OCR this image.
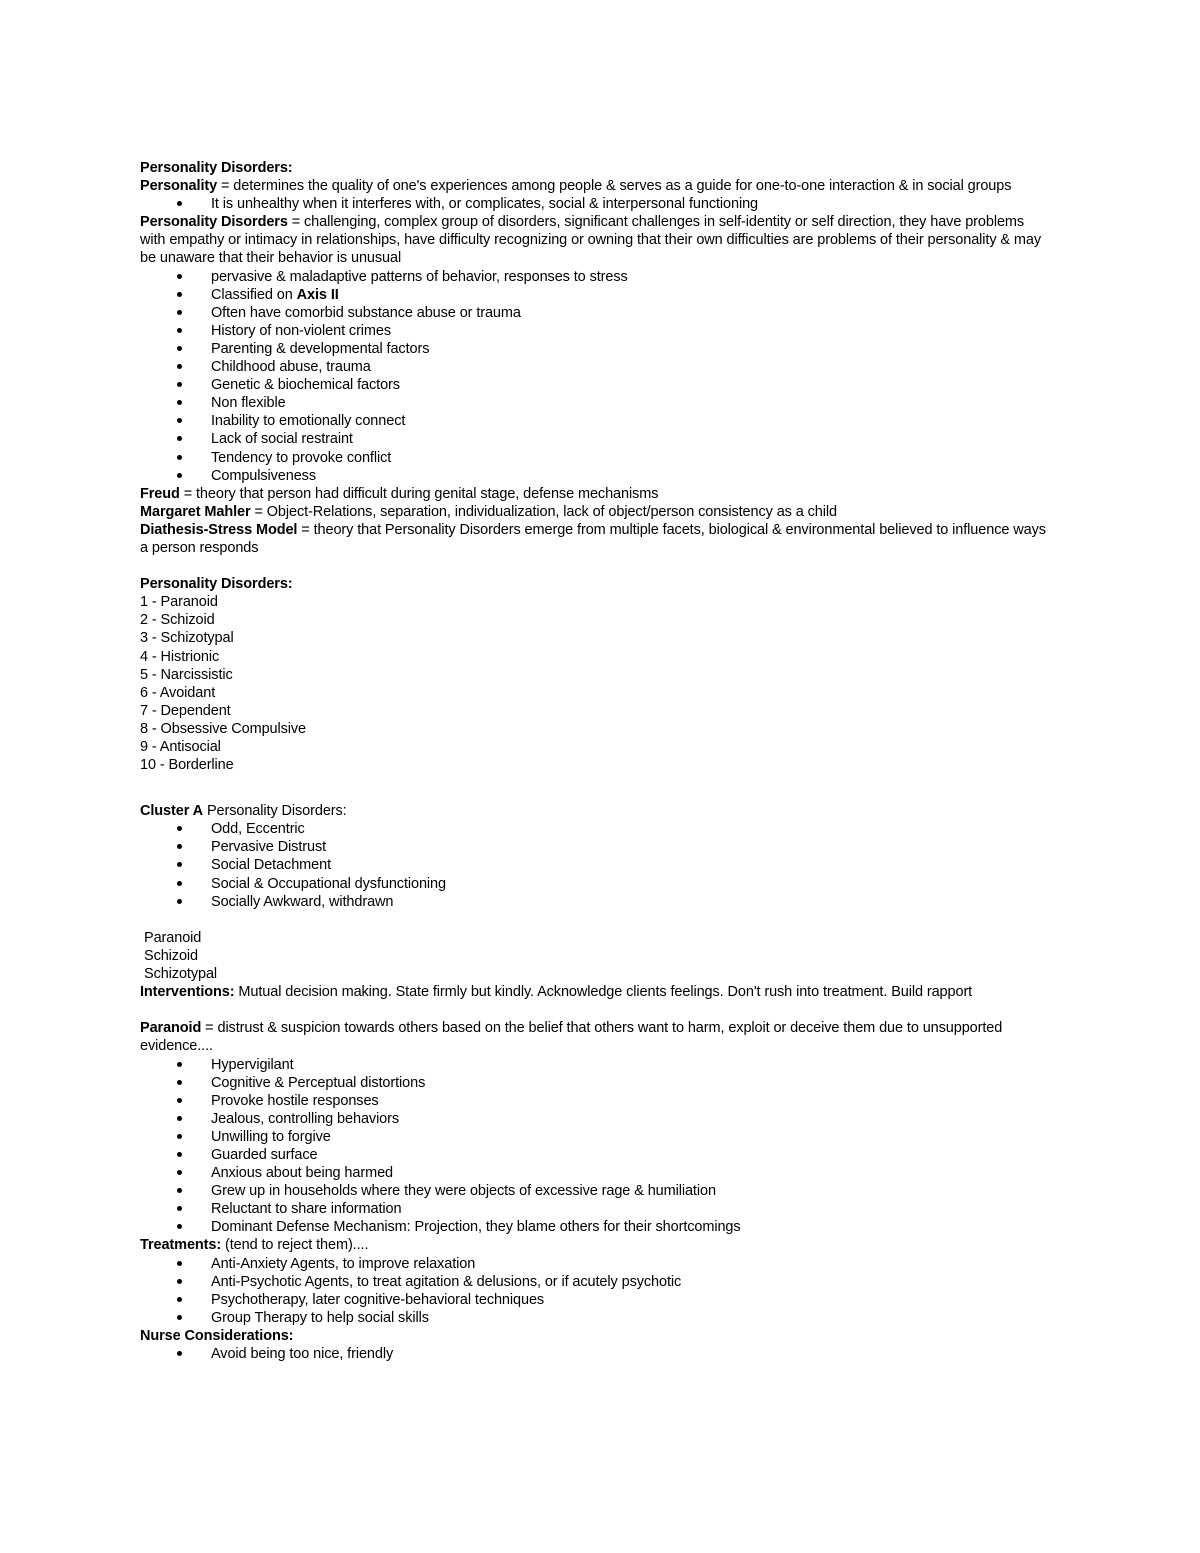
Personality Disorders:

Personality = determines the quality of one's experiences among people & serves as a guide for one-to-one interaction & in social groups

It is unhealthy when it interferes with, or complicates, social & interpersonal functioning

Personality Disorders = challenging, complex group of disorders, significant challenges in self-identity or self direction, they have problems with empathy or intimacy in relationships, have difficulty recognizing or owning that their own difficulties are problems of their personality & may be unaware that their behavior is unusual

pervasive & maladaptive patterns of behavior, responses to stress
Classified on Axis II
Often have comorbid substance abuse or trauma
History of non-violent crimes
Parenting & developmental factors
Childhood abuse, trauma
Genetic & biochemical factors
Non flexible
Inability to emotionally connect
Lack of social restraint
Tendency to provoke conflict
Compulsiveness

Freud = theory that person had difficult during genital stage, defense mechanisms

Margaret Mahler = Object-Relations, separation, individualization, lack of object/person consistency as a child

Diathesis-Stress Model = theory that Personality Disorders emerge from multiple facets, biological & environmental believed to influence ways a person responds

Personality Disorders:

1 - Paranoid

2 - Schizoid

3 - Schizotypal

4 - Histrionic

5 - Narcissistic

6 - Avoidant

7 - Dependent

8 - Obsessive Compulsive

9 - Antisocial

10 - Borderline

Cluster A Personality Disorders:

Odd, Eccentric
Pervasive Distrust
Social Detachment
Social & Occupational dysfunctioning
Socially Awkward, withdrawn

Paranoid

Schizoid

Schizotypal

Interventions: Mutual decision making. State firmly but kindly. Acknowledge clients feelings. Don't rush into treatment. Build rapport

Paranoid = distrust & suspicion towards others based on the belief that others want to harm, exploit or deceive them due to unsupported evidence....

Hypervigilant
Cognitive & Perceptual distortions
Provoke hostile responses
Jealous, controlling behaviors
Unwilling to forgive
Guarded surface
Anxious about being harmed
Grew up in households where they were objects of excessive rage & humiliation
Reluctant to share information
Dominant Defense Mechanism: Projection, they blame others for their shortcomings

Treatments: (tend to reject them)....

Anti-Anxiety Agents, to improve relaxation
Anti-Psychotic Agents, to treat agitation & delusions, or if acutely psychotic
Psychotherapy, later cognitive-behavioral techniques
Group Therapy to help social skills

Nurse Considerations:

Avoid being too nice, friendly
